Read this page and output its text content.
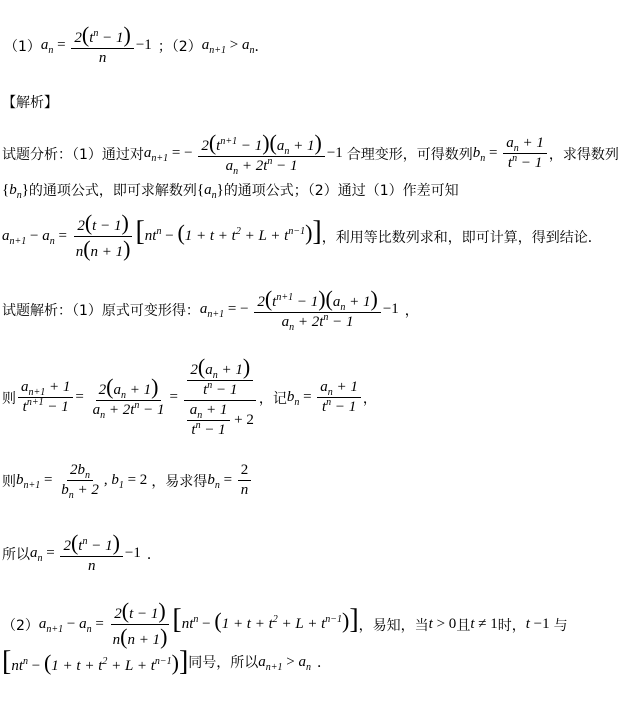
（1） $a_n = \frac{2(t^n - 1)}{n} -1$ ；（2） $a_{n+1} > a_n$ ．
【解析】
试题分析：（1）通过对 $a_{n+1}$ = − $\frac{2(t^{n+1} - 1)(a_n + 1)}{a_n + 2t^n - 1} -1$ 合理变形，可得数列 $b_n = \frac{a_n + 1}{t^n - 1}$ ，求得数列
$\{b_n\}$ 的通项公式，即可求解数列 $\{a_n\}$ 的通项公式；（2）通过（1）作差可知
$a_{n+1} - a_n = \frac{2(t - 1)}{n(n + 1)} [nt^n - (1 + t + t^2 + L + t^{n-1})]$ ，利用等比数列求和，即可计算，得到结论．
试题解析：（1）原式可变形得： $a_{n+1}$ = − $\frac{2(t^{n+1} - 1)(a_n + 1)}{a_n + 2t^n - 1} -1$ ，
则 $\frac{a_{n+1} + 1}{t^{n+1} - 1} = \frac{2(a_n + 1)}{a_n + 2t^n - 1} = \frac{\frac{2(a_n + 1)}{t^n - 1}}{\frac{a_n + 1}{t^n - 1} + 2}$ ，记 $b_n = \frac{a_n + 1}{t^n - 1}$ ，
则 $b_{n+1} = \frac{2b_n}{b_n + 2}$ , $b_1 = 2$ ，易求得 $b_n = \frac{2}{n}$
所以 $a_n = \frac{2(t^n - 1)}{n} -1$ ．
（2） $a_{n+1} - a_n = \frac{2(t - 1)}{n(n + 1)} [nt^n - (1 + t + t^2 + L + t^{n-1})]$ ，易知，当 t > 0 且 t ≠ 1 时， t −1 与
$[nt^n - (1 + t + t^2 + L + t^{n-1})]$ 同号，所以 $a_{n+1} > a_n$ ．
